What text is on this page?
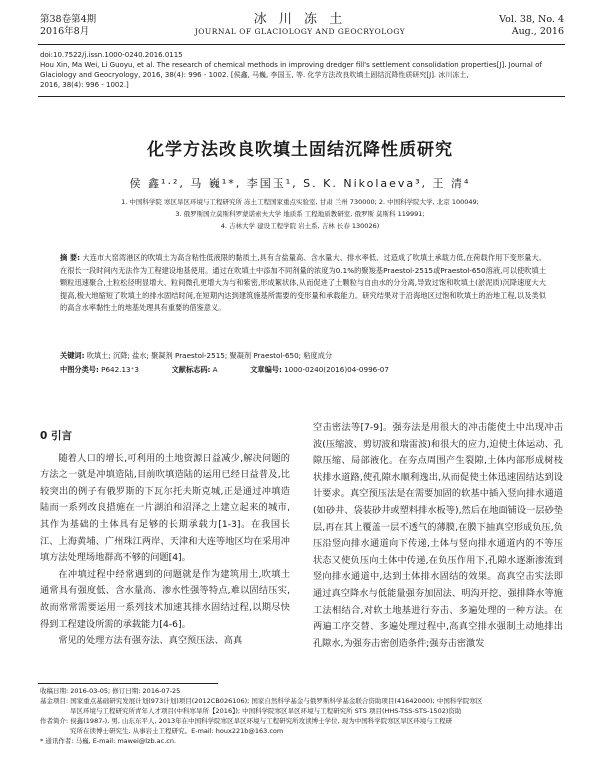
第38卷第4期
2016年8月
冰 川 冻 土
JOURNAL OF GLACIOLOGY AND GEOCRYOLOGY
Vol. 38, No. 4
Aug., 2016
doi:10.7522/j.issn.1000-0240.2016.0115
Hou Xin, Ma Wei, Li Guoyu, et al. The research of chemical methods in improving dredger fill's settlement consolidation properties[J]. Journal of
Glaciology and Geocryology, 2016, 38(4): 996 - 1002. [侯鑫, 马巍, 李国玉, 等. 化学方法改良吹填土固结沉降性质研究[J]. 冰川冻土,
2016, 38(4): 996 - 1002.]
化学方法改良吹填土固结沉降性质研究
侯 鑫¹·², 马 巍¹*, 李国玉¹, S. K. Nikolaeva³, 王 清⁴
1. 中国科学院 寒区旱区环境与工程研究所 冻土工程国家重点实验室, 甘肃 兰州 730000; 2. 中国科学院大学, 北京 100049;
3. 俄罗斯国立莫斯科罗蒙诺索夫大学 地质系 工程地质教研室, 俄罗斯 莫斯科 119991;
4. 吉林大学 建设工程学院 岩土系, 吉林 长春 130026)
摘 要: 大连市大窑湾港区的吹填土为高含粘性低液限的黏质土,具有含盐量高、含水量大、排水率低、过造成了吹填土承载力低,在荷载作用下变形量大。在很长一段时间内无法作为工程建设地基使用。通过在吹填土中添加不同剂量的浓度为0.1%的聚羧基Praestol-2515或Praestol-650溶液,可以使吹填土颗粒迅速聚合,土粒松径明显增大、粒间微孔更增大为与和紫密,形成絮状体,从而促进了土颗粒与自由水的分分离,导致过饱和吹填土(淤泥质)沉降速度大大提高,极大地缩短了吹填土的排水固结时间,在短期内达到建筑施基所需要的变形量和承载能力。研究结果对于沿海地区过饱和吹填土的治地工程,以及类似的高含水率黏性土的地基处理具有重要的借鉴意义。
关键词: 吹填土; 沉降; 盐水; 聚凝剂 Praestol-2515; 聚凝剂 Praestol-650; 粘度成分
中图分类号: P642.13⁺3	文献标志码: A	文章编号: 1000-0240(2016)04-0996-07
0 引言

随着人口的增长,可利用的土地资源日益减少,解决问题的方法之一就是冲填造陆,目前吹填造陆的运用已经日益普及,比较突出的例子有俄罗斯的下瓦尔托夫斯克城,正是通过冲填造陆而一系列改良措施在一片湖泊和沼泽之上建立起来的城市,其作为基础的土体具有足够的长期承载力[1-3]。在我国长江、上海黄埔、广州珠江两岸、天津和大连等地区均在采用冲填方法处理场地群高不够的问题[4]。

在冲填过程中经常遇到的问题就是作为建筑用土,吹填土通常具有强度低、含水量高、渗水性强等特点,难以固结压实,故而常常需要运用一系列技术加速其排水固结过程,以期尽快得到工程建设所需的承载能力[4-6]。

常见的处理方法有强夯法、真空预压法、高真

空击密法等[7-9]。强夯法是用很大的冲击能使土中出现冲击波(压缩波、剪切波和瑞雷波)和很大的应力,迫使土体运动、孔隙压缩、局部液化。在夯点周围产生裂隙,土体内部形成树枝状排水道路,使孔隙水顺利逸出,从而促使土体迅速固结达到设计要求。真空预压法是在需要加固的软基中插入竖向排水通道(如砂井、袋装砂井或塑料排水板等),然后在地面铺设一层砂垫层,再在其上覆盖一层不透气的薄膜,在膜下抽真空形成负压,负压沿竖向排水通道向下传递,土体与竖向排水通道内的不等压状态又使负压向土体中传递,在负压作用下,孔隙水逐渐渗流到竖向排水通道中,达到土体排水固结的效果。高真空击实法即通过真空降水与低能量强夯加固法、明沟开挖、强排降水等施工法相结合,对软土地基进行夯击、多遍处理的一种方法。在两遍工序交替、多遍处理过程中,高真空排水强制土动地排出孔隙水,为强夯击密创造条件;强夯击密激发

收稿日期: 2016-03-05; 修订日期: 2016-07-25
基金项目: 国家重点基础研究发展计划(973计划)项目(2012CB026106); 国家自然科学基金与俄罗斯科学基金联合资助项目(41642000); 中国科学院寒区
旱区环境与工程研究所青年人才项目(中科寒旱所【2016】); 中国科学院寒区旱区环境与工程研究所 STS 项目(HHS-TSS-STS-1502)资助
作者简介: 侯鑫(1987-), 男, 山东东平人, 2013年在中国科学院寒区旱区环境与工程研究所攻读博士学位, 现为中国科学院寒区旱区环境与工程研
究所在读博士研究生, 从事岩土工程研究。E-mail: houx221b@163.com
* 通讯作者: 马巍, E-mail: mawei@lzb.ac.cn.
